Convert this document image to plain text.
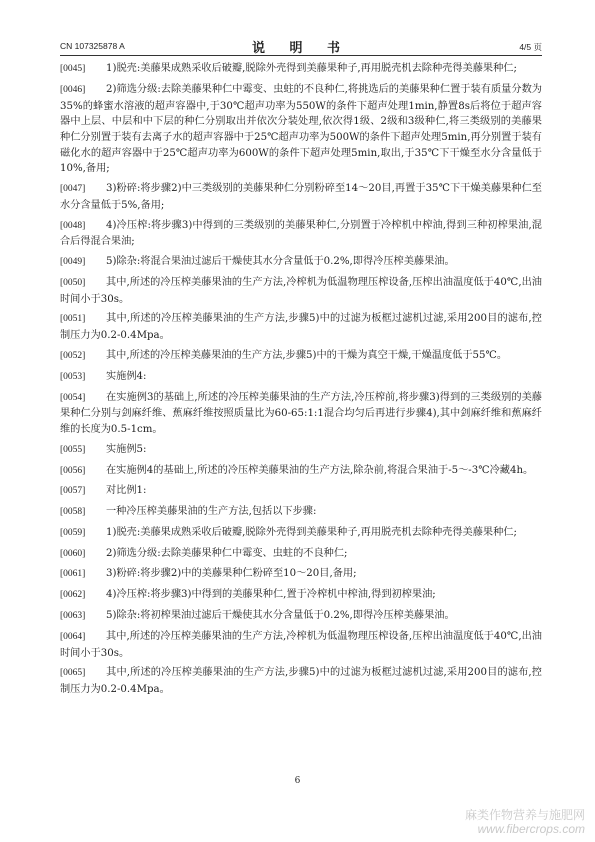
CN 107325878 A	说 明 书	4/5 页
[0045] 1)脱壳:美藤果成熟采收后破瓣,脱除外壳得到美藤果种子,再用脱壳机去除种壳得美藤果种仁;
[0046] 2)筛选分级:去除美藤果种仁中霉变、虫蛀的不良种仁,将挑选后的美藤果种仁置于装有质量分数为35%的蜂蜜水溶液的超声容器中,于30℃超声功率为550W的条件下超声处理1min,静置8s后将位于超声容器中上层、中层和中下层的种仁分别取出并依次分装处理,依次得1级、2级和3级种仁,将三类级别的美藤果种仁分别置于装有去离子水的超声容器中于25℃超声功率为500W的条件下超声处理5min,再分别置于装有磁化水的超声容器中于25℃超声功率为600W的条件下超声处理5min,取出,于35℃下干燥至水分含量低于10%,备用;
[0047] 3)粉碎:将步骤2)中三类级别的美藤果种仁分别粉碎至14～20目,再置于35℃下干燥美藤果种仁至水分含量低于5%,备用;
[0048] 4)冷压榨:将步骤3)中得到的三类级别的美藤果种仁,分别置于冷榨机中榨油,得到三种初榨果油,混合后得混合果油;
[0049] 5)除杂:将混合果油过滤后干燥使其水分含量低于0.2%,即得冷压榨美藤果油。
[0050] 其中,所述的冷压榨美藤果油的生产方法,冷榨机为低温物理压榨设备,压榨出油温度低于40℃,出油时间小于30s。
[0051] 其中,所述的冷压榨美藤果油的生产方法,步骤5)中的过滤为板框过滤机过滤,采用200目的滤布,控制压力为0.2-0.4Mpa。
[0052] 其中,所述的冷压榨美藤果油的生产方法,步骤5)中的干燥为真空干燥,干燥温度低于55℃。
[0053] 实施例4:
[0054] 在实施例3的基础上,所述的冷压榨美藤果油的生产方法,冷压榨前,将步骤3)得到的三类级别的美藤果种仁分别与剑麻纤维、蕉麻纤维按照质量比为60-65:1:1混合均匀后再进行步骤4),其中剑麻纤维和蕉麻纤维的长度为0.5-1cm。
[0055] 实施例5:
[0056] 在实施例4的基础上,所述的冷压榨美藤果油的生产方法,除杂前,将混合果油于-5～-3℃冷藏4h。
[0057] 对比例1:
[0058] 一种冷压榨美藤果油的生产方法,包括以下步骤:
[0059] 1)脱壳:美藤果成熟采收后破瓣,脱除外壳得到美藤果种子,再用脱壳机去除种壳得美藤果种仁;
[0060] 2)筛选分级:去除美藤果种仁中霉变、虫蛀的不良种仁;
[0061] 3)粉碎:将步骤2)中的美藤果种仁粉碎至10～20目,备用;
[0062] 4)冷压榨:将步骤3)中得到的美藤果种仁,置于冷榨机中榨油,得到初榨果油;
[0063] 5)除杂:将初榨果油过滤后干燥使其水分含量低于0.2%,即得冷压榨美藤果油。
[0064] 其中,所述的冷压榨美藤果油的生产方法,冷榨机为低温物理压榨设备,压榨出油温度低于40℃,出油时间小于30s。
[0065] 其中,所述的冷压榨美藤果油的生产方法,步骤5)中的过滤为板框过滤机过滤,采用200目的滤布,控制压力为0.2-0.4Mpa。
6
麻类作物营养与施肥网
www.fibercrops.com
